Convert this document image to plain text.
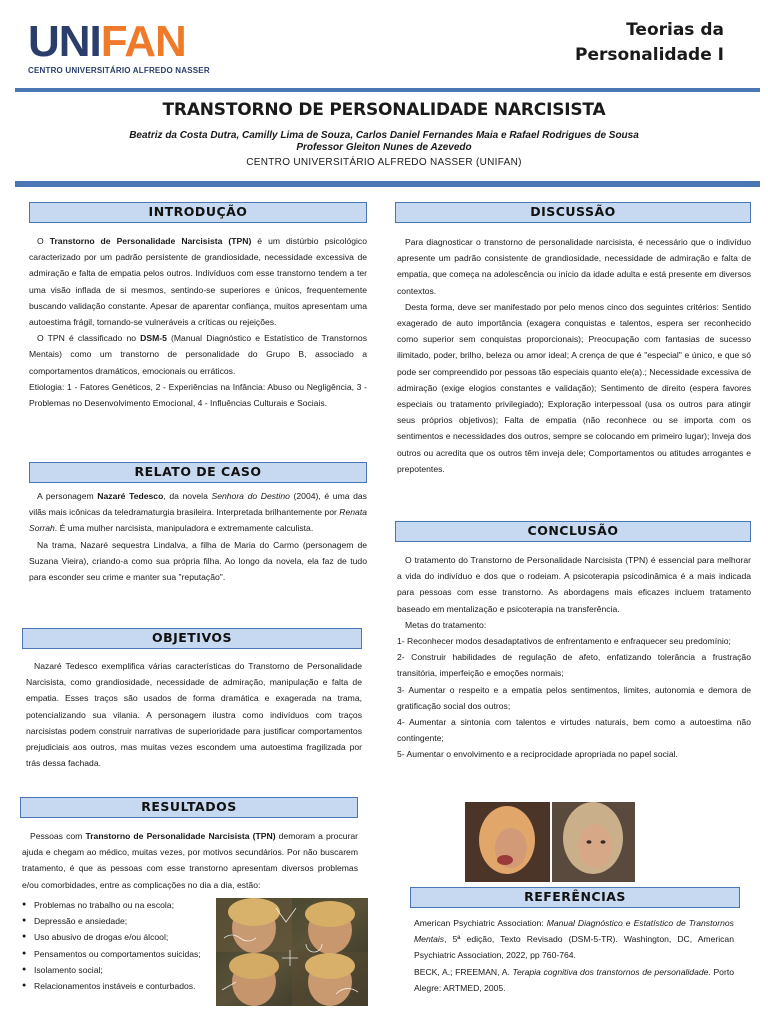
UNIFAN
CENTRO UNIVERSITÁRIO ALFREDO NASSER
Teorias da
Personalidade I
TRANSTORNO DE PERSONALIDADE NARCISISTA
Beatriz da Costa Dutra, Camilly Lima de Souza, Carlos Daniel Fernandes Maia e Rafael Rodrigues de Sousa
Professor Gleiton Nunes de Azevedo
CENTRO UNIVERSITÁRIO ALFREDO NASSER (UNIFAN)
INTRODUÇÃO

O Transtorno de Personalidade Narcisista (TPN) é um distúrbio psicológico caracterizado por um padrão persistente de grandiosidade, necessidade excessiva de admiração e falta de empatia pelos outros. Indivíduos com esse transtorno tendem a ter uma visão inflada de si mesmos, sentindo-se superiores e únicos, frequentemente buscando validação constante. Apesar de aparentar confiança, muitos apresentam uma autoestima frágil, tornando-se vulneráveis a críticas ou rejeições.

O TPN é classificado no DSM-5 (Manual Diagnóstico e Estatístico de Transtornos Mentais) como um transtorno de personalidade do Grupo B, associado a comportamentos dramáticos, emocionais ou erráticos.

Etiologia: 1 - Fatores Genéticos, 2 - Experiências na Infância: Abuso ou Negligência, 3 - Problemas no Desenvolvimento Emocional, 4 - Influências Culturais e Sociais.

RELATO DE CASO

A personagem Nazaré Tedesco, da novela Senhora do Destino (2004), é uma das vilãs mais icônicas da teledramaturgia brasileira. Interpretada brilhantemente por Renata Sorrah. É uma mulher narcisista, manipuladora e extremamente calculista.

Na trama, Nazaré sequestra Lindalva, a filha de Maria do Carmo (personagem de Suzana Vieira), criando-a como sua própria filha. Ao longo da novela, ela faz de tudo para esconder seu crime e manter sua "reputação".

OBJETIVOS

Nazaré Tedesco exemplifica várias características do Transtorno de Personalidade Narcisista, como grandiosidade, necessidade de admiração, manipulação e falta de empatia. Esses traços são usados de forma dramática e exagerada na trama, potencializando sua vilania. A personagem ilustra como indivíduos com traços narcisistas podem construir narrativas de superioridade para justificar comportamentos prejudiciais aos outros, mas muitas vezes escondem uma autoestima fragilizada por trás dessa fachada.

RESULTADOS

Pessoas com Transtorno de Personalidade Narcisista (TPN) demoram a procurar ajuda e chegam ao médico, muitas vezes, por motivos secundários. Por não buscarem tratamento, é que as pessoas com esse transtorno apresentam diversos problemas e/ou comorbidades, entre as complicações no dia a dia, estão:

● Problemas no trabalho ou na escola;
● Depressão e ansiedade;
● Uso abusivo de drogas e/ou álcool;
● Pensamentos ou comportamentos suicidas;
● Isolamento social;
● Relacionamentos instáveis e conturbados.
DISCUSSÃO

Para diagnosticar o transtorno de personalidade narcisista, é necessário que o indivíduo apresente um padrão consistente de grandiosidade, necessidade de admiração e falta de empatia, que começa na adolescência ou início da idade adulta e está presente em diversos contextos.

Desta forma, deve ser manifestado por pelo menos cinco dos seguintes critérios: Sentido exagerado de auto importância (exagera conquistas e talentos, espera ser reconhecido como superior sem conquistas proporcionais); Preocupação com fantasias de sucesso ilimitado, poder, brilho, beleza ou amor ideal; A crença de que é "especial" e único, e que só pode ser compreendido por pessoas tão especiais quanto ele(a).; Necessidade excessiva de admiração (exige elogios constantes e validação); Sentimento de direito (espera favores especiais ou tratamento privilegiado); Exploração interpessoal (usa os outros para atingir seus próprios objetivos); Falta de empatia (não reconhece ou se importa com os sentimentos e necessidades dos outros, sempre se colocando em primeiro lugar); Inveja dos outros ou acredita que os outros têm inveja dele; Comportamentos ou atitudes arrogantes e prepotentes.

CONCLUSÃO

O tratamento do Transtorno de Personalidade Narcisista (TPN) é essencial para melhorar a vida do indivíduo e dos que o rodeiam. A psicoterapia psicodinâmica é a mais indicada para pessoas com esse transtorno. As abordagens mais eficazes incluem tratamento baseado em mentalização e psicoterapia na transferência.

Metas do tratamento:

1- Reconhecer modos desadaptativos de enfrentamento e enfraquecer seu predomínio;

2- Construir habilidades de regulação de afeto, enfatizando tolerância a frustração transitória, imperfeição e emoções normais;

3- Aumentar o respeito e a empatia pelos sentimentos, limites, autonomia e demora de gratificação social dos outros;

4- Aumentar a sintonia com talentos e virtudes naturais, bem como a autoestima não contingente;

5- Aumentar o envolvimento e a reciprocidade apropriada no papel social.

REFERÊNCIAS

American Psychiatric Association: Manual Diagnóstico e Estatístico de Transtornos Mentais, 5ª edição, Texto Revisado (DSM-5-TR). Washington, DC, American Psychiatric Association, 2022, pp 760-764.

BECK, A.; FREEMAN, A. Terapia cognitiva dos transtornos de personalidade. Porto Alegre: ARTMED, 2005.
